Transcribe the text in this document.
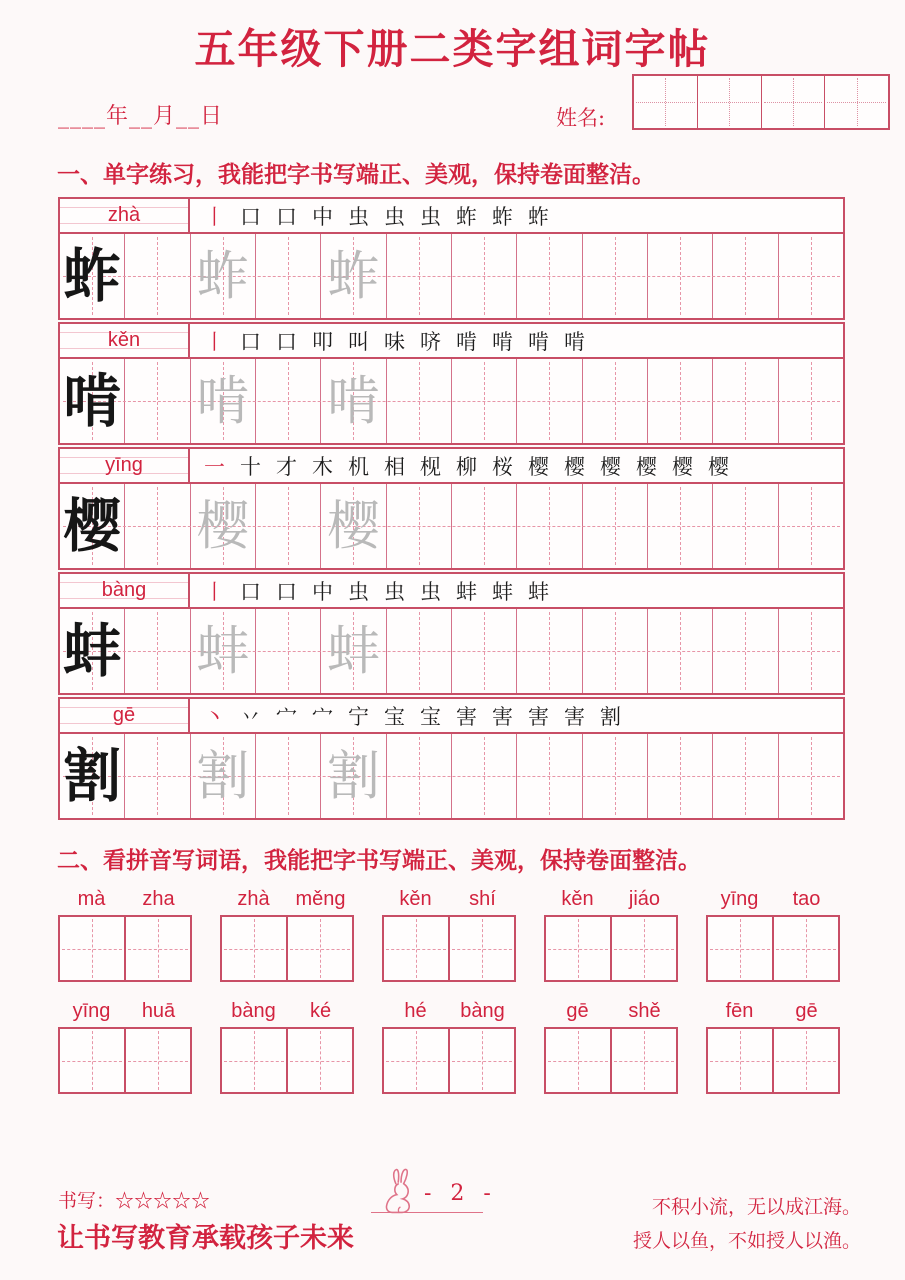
五年级下册二类字组词字帖
____年__月__日	姓名:
一、单字练习，我能把字书写端正、美观，保持卷面整洁。
zhà	丨 口 口 中 虫 虫 虫 蚱 蚱 蚱
蚱 蚱 蚱
kěn	丨 口 口 叩 叫 味 哜 啃 啃 啃 啃
啃 啃 啃
yīng	一 十 才 木 机 相 枧 柳 桜 樱 樱 樱 樱 樱 樱
樱 樱 樱
bàng	丨 口 口 中 虫 虫 虫 蚌 蚌 蚌
蚌 蚌 蚌
gē	丶 丷 宀 宀 宁 宝 宝 害 害 害 害 割
割 割 割
二、看拼音写词语，我能把字书写端正、美观，保持卷面整洁。
mà	zha	zhà	měng	kěn	shí	kěn	jiáo	yīng	tao
yīng	huā	bàng	ké	hé	bàng	gē	shě	fēn	gē
书写：☆☆☆☆☆
让书写教育承载孩子未来
- 2 -
不积小流，无以成江海。
授人以鱼，不如授人以渔。
